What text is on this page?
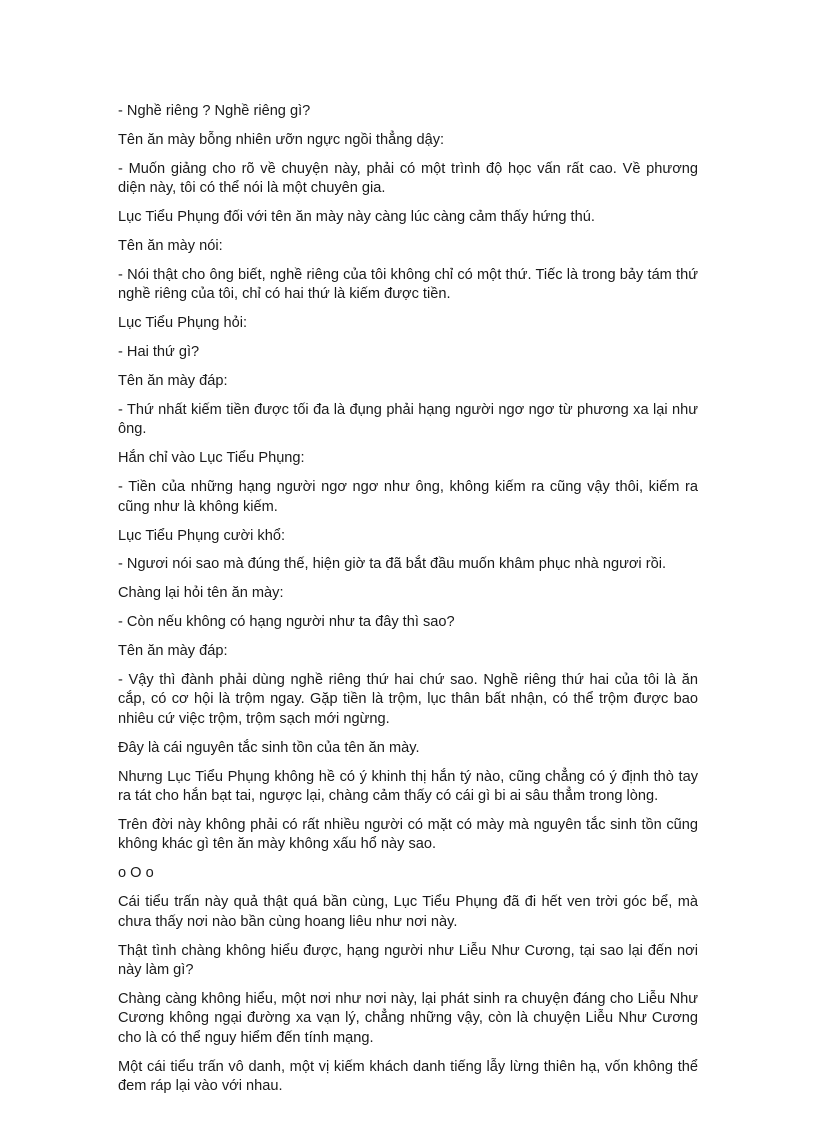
- Nghề riêng ? Nghề riêng gì?

Tên ăn mày bỗng nhiên ưỡn ngực ngồi thẳng dậy:

- Muốn giảng cho rõ về chuyện này, phải có một trình độ học vấn rất cao. Về phương diện này, tôi có thể nói là một chuyên gia.

Lục Tiểu Phụng đối với tên ăn mày này càng lúc càng cảm thấy hứng thú.

Tên ăn mày nói:

- Nói thật cho ông biết, nghề riêng của tôi không chỉ có một thứ. Tiếc là trong bảy tám thứ nghề riêng của tôi, chỉ có hai thứ là kiếm được tiền.

Lục Tiểu Phụng hỏi:

- Hai thứ gì?

Tên ăn mày đáp:

- Thứ nhất kiếm tiền được tối đa là đụng phải hạng người ngơ ngơ từ phương xa lại như ông.

Hắn chỉ vào Lục Tiểu Phụng:

- Tiền của những hạng người ngơ ngơ như ông, không kiếm ra cũng vậy thôi, kiếm ra cũng như là không kiếm.

Lục Tiểu Phụng cười khổ:

- Ngươi nói sao mà đúng thế, hiện giờ ta đã bắt đầu muốn khâm phục nhà ngươi rồi.

Chàng lại hỏi tên ăn mày:

- Còn nếu không có hạng người như ta đây thì sao?

Tên ăn mày đáp:

- Vậy thì đành phải dùng nghề riêng thứ hai chứ sao. Nghề riêng thứ hai của tôi là ăn cắp, có cơ hội là trộm ngay. Gặp tiền là trộm, lục thân bất nhận, có thể trộm được bao nhiêu cứ việc trộm, trộm sạch mới ngừng.

Đây là cái nguyên tắc sinh tồn của tên ăn mày.

Nhưng Lục Tiểu Phụng không hề có ý khinh thị hắn tý nào, cũng chẳng có ý định thò tay ra tát cho hắn bạt tai, ngược lại, chàng cảm thấy có cái gì bi ai sâu thẳm trong lòng.

Trên đời này không phải có rất nhiều người có mặt có mày mà nguyên tắc sinh tồn cũng không khác gì tên ăn mày không xấu hổ này sao.

o O o

Cái tiểu trấn này quả thật quá bần cùng, Lục Tiểu Phụng đã đi hết ven trời góc bể, mà chưa thấy nơi nào bần cùng hoang liêu như nơi này.

Thật tình chàng không hiểu được, hạng người như Liễu Như Cương, tại sao lại đến nơi này làm gì?

Chàng càng không hiểu, một nơi như nơi này, lại phát sinh ra chuyện đáng cho Liễu Như Cương không ngại đường xa vạn lý, chẳng những vậy, còn là chuyện Liễu Như Cương cho là có thể nguy hiểm đến tính mạng.

Một cái tiểu trấn vô danh, một vị kiếm khách danh tiếng lẫy lừng thiên hạ, vốn không thể đem ráp lại vào với nhau.
